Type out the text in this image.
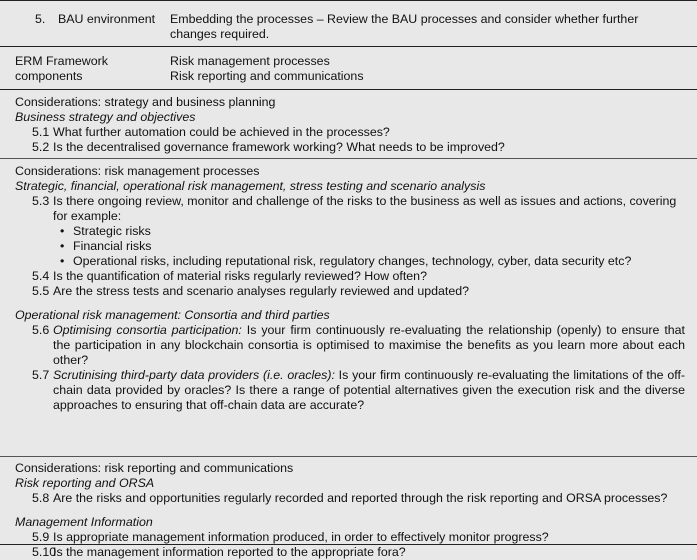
5. BAU environment Embedding the processes – Review the BAU processes and consider whether further changes required.
ERM Framework components
Risk management processes
Risk reporting and communications
Considerations: strategy and business planning
Business strategy and objectives
5.1 What further automation could be achieved in the processes?
5.2 Is the decentralised governance framework working? What needs to be improved?
Considerations: risk management processes
Strategic, financial, operational risk management, stress testing and scenario analysis
5.3 Is there ongoing review, monitor and challenge of the risks to the business as well as issues and actions, covering for example:
• Strategic risks
• Financial risks
• Operational risks, including reputational risk, regulatory changes, technology, cyber, data security etc?
5.4 Is the quantification of material risks regularly reviewed? How often?
5.5 Are the stress tests and scenario analyses regularly reviewed and updated?
Operational risk management: Consortia and third parties
5.6 Optimising consortia participation: Is your firm continuously re-evaluating the relationship (openly) to ensure that the participation in any blockchain consortia is optimised to maximise the benefits as you learn more about each other?
5.7 Scrutinising third-party data providers (i.e. oracles): Is your firm continuously re-evaluating the limitations of the off-chain data provided by oracles? Is there a range of potential alternatives given the execution risk and the diverse approaches to ensuring that off-chain data are accurate?
Considerations: risk reporting and communications
Risk reporting and ORSA
5.8 Are the risks and opportunities regularly recorded and reported through the risk reporting and ORSA processes?
Management Information
5.9 Is appropriate management information produced, in order to effectively monitor progress?
5.10
Is the management information reported to the appropriate fora?
